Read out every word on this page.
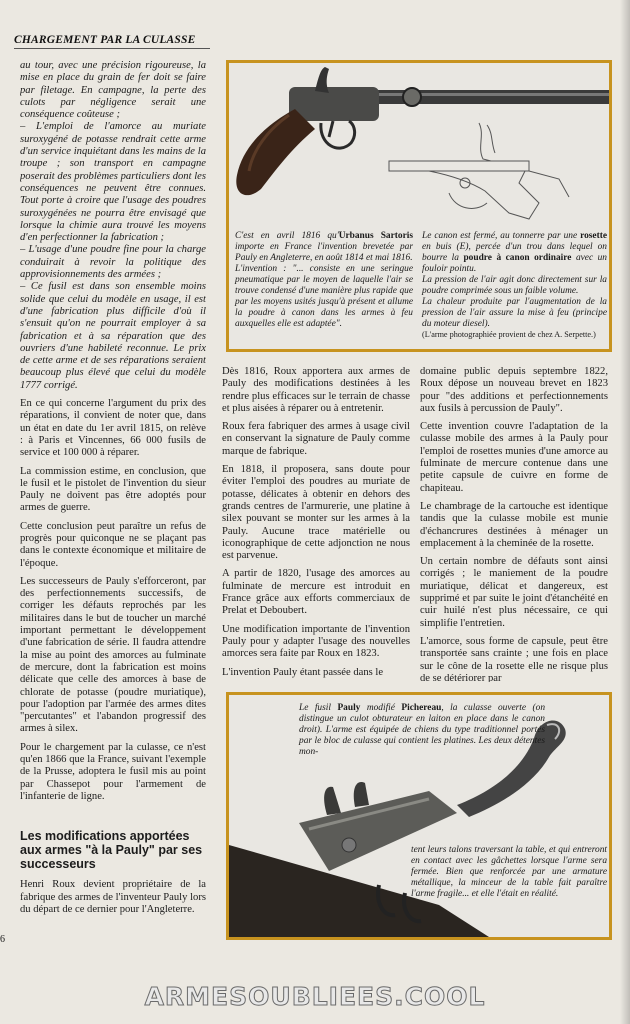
CHARGEMENT PAR LA CULASSE

au tour, avec une précision rigoureuse, la mise en place du grain de fer doit se faire par filetage. En campagne, la perte des culots par négligence serait une conséquence coûteuse ;

– L'emploi de l'amorce au muriate suroxygéné de potasse rendrait cette arme d'un service inquiétant dans les mains de la troupe ; son transport en campagne poserait des problèmes particuliers dont les conséquences ne peuvent être connues. Tout porte à croire que l'usage des poudres suroxygénées ne pourra être envisagé que lorsque la chimie aura trouvé les moyens d'en perfectionner la fabrication ;

– L'usage d'une poudre fine pour la charge conduirait à revoir la politique des approvisionnements des armées ;

– Ce fusil est dans son ensemble moins solide que celui du modèle en usage, il est d'une fabrication plus difficile d'où il s'ensuit qu'on ne pourrait employer à sa fabrication et à sa réparation que des ouvriers d'une habileté reconnue. Le prix de cette arme et de ses réparations seraient beaucoup plus élevé que celui du modèle 1777 corrigé.

En ce qui concerne l'argument du prix des réparations, il convient de noter que, dans un état en date du 1er avril 1815, on relève : à Paris et Vincennes, 66 000 fusils de service et 100 000 à réparer.

La commission estime, en conclusion, que le fusil et le pistolet de l'invention du sieur Pauly ne doivent pas être adoptés pour armes de guerre.

Cette conclusion peut paraître un refus de progrès pour quiconque ne se plaçant pas dans le contexte économique et militaire de l'époque.

Les successeurs de Pauly s'efforceront, par des perfectionnements successifs, de corriger les défauts reprochés par les militaires dans le but de toucher un marché important permettant le développement d'une fabrication de série. Il faudra attendre la mise au point des amorces au fulminate de mercure, dont la fabrication est moins délicate que celle des amorces à base de chlorate de potasse (poudre muriatique), pour l'adoption par l'armée des armes dites "percutantes" et l'abandon progressif des armes à silex.

Pour le chargement par la culasse, ce n'est qu'en 1866 que la France, suivant l'exemple de la Prusse, adoptera le fusil mis au point par Chassepot pour l'armement de l'infanterie de ligne.

Les modifications apportées aux armes "à la Pauly" par ses successeurs

Henri Roux devient propriétaire de la fabrique des armes de l'inventeur Pauly lors du départ de ce dernier pour l'Angleterre.

C'est en avril 1816 qu'Urbanus Sartoris importe en France l'invention brevetée par Pauly en Angleterre, en août 1814 et mai 1816.
L'invention : "... consiste en une seringue pneumatique par le moyen de laquelle l'air se trouve condensé d'une manière plus rapide que par les moyens usités jusqu'à présent et allume la poudre à canon dans les armes à feu auxquelles elle est adaptée".
Le canon est fermé, au tonnerre par une rosette en buis (E), percée d'un trou dans lequel on bourre la poudre à canon ordinaire avec un fouloir pointu.
La pression de l'air agit donc directement sur la poudre comprimée sous un faible volume.
La chaleur produite par l'augmentation de la pression de l'air assure la mise à feu (principe du moteur diesel).
(L'arme photographiée provient de chez A. Serpette.)

Dès 1816, Roux apportera aux armes de Pauly des modifications destinées à les rendre plus efficaces sur le terrain de chasse et plus aisées à réparer ou à entretenir.

Roux fera fabriquer des armes à usage civil en conservant la signature de Pauly comme marque de fabrique.

En 1818, il proposera, sans doute pour éviter l'emploi des poudres au muriate de potasse, délicates à obtenir en dehors des grands centres de l'armurerie, une platine à silex pouvant se monter sur les armes à la Pauly. Aucune trace matérielle ou iconographique de cette adjonction ne nous est parvenue.

A partir de 1820, l'usage des amorces au fulminate de mercure est introduit en France grâce aux efforts commerciaux de Prelat et Deboubert.

Une modification importante de l'invention Pauly pour y adapter l'usage des nouvelles amorces sera faite par Roux en 1823.

L'invention Pauly étant passée dans le

domaine public depuis septembre 1822, Roux dépose un nouveau brevet en 1823 pour "des additions et perfectionnements aux fusils à percussion de Pauly".

Cette invention couvre l'adaptation de la culasse mobile des armes à la Pauly pour l'emploi de rosettes munies d'une amorce au fulminate de mercure contenue dans une petite capsule de cuivre en forme de chapiteau.

Le chambrage de la cartouche est identique tandis que la culasse mobile est munie d'échancrures destinées à ménager un emplacement à la cheminée de la rosette.

Un certain nombre de défauts sont ainsi corrigés ; le maniement de la poudre muriatique, délicat et dangereux, est supprimé et par suite le joint d'étanchéité en cuir huilé n'est plus nécessaire, ce qui simplifie l'entretien.

L'amorce, sous forme de capsule, peut être transportée sans crainte ; une fois en place sur le cône de la rosette elle ne risque plus de se détériorer par

Le fusil Pauly modifié Pichereau, la culasse ouverte (on distingue un culot obturateur en laiton en place dans le canon droit). L'arme est équipée de chiens du type traditionnel portés par le bloc de culasse qui contient les platines. Les deux détentes mon-
tent leurs talons traversant la table, et qui entreront en contact avec les gâchettes lorsque l'arme sera fermée. Bien que renforcée par une armature métallique, la minceur de la table fait paraître l'arme fragile... et elle l'était en réalité.
6
ARMESOUBLIEES.COOL
